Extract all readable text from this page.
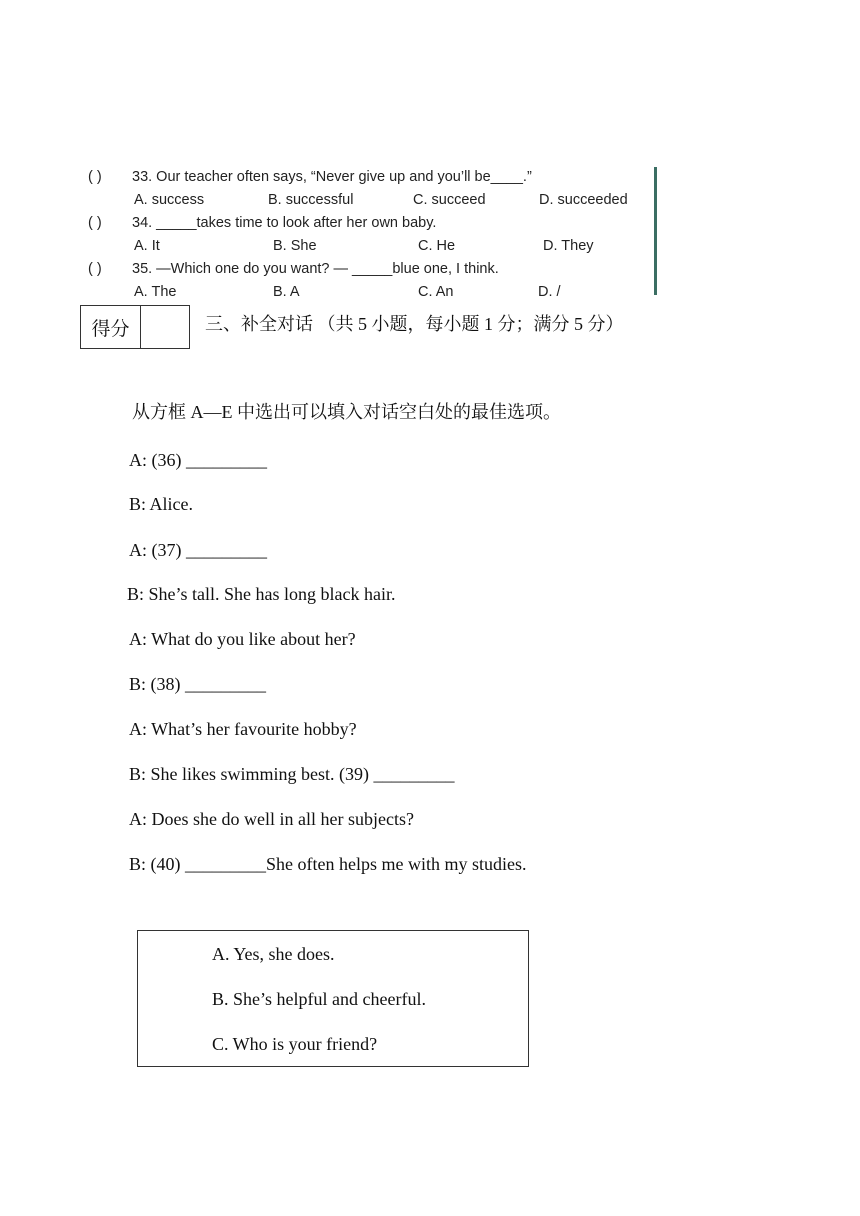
( ) 33. Our teacher often says, “Never give up and you’ll be____.”
A. success	B. successful	C. succeed	D. succeeded
( ) 34. _____takes time to look after her own baby.
A. It	B. She	C. He	D. They
( ) 35. —Which one do you want? — _____blue one, I think.
A. The	B. A	C. An	D. /
得分	三、补全对话 （共 5 小题，每小题 1 分；满分 5 分）
从方框 A—E 中选出可以填入对话空白处的最佳选项。
A: (36) _________
B: Alice.
A: (37) _________
B: She’s tall. She has long black hair.
A: What do you like about her?
B: (38) _________
A: What’s her favourite hobby?
B: She likes swimming best. (39) _________
A: Does she do well in all her subjects?
B: (40) _________She often helps me with my studies.
A. Yes, she does.
B. She’s helpful and cheerful.
C. Who is your friend?
